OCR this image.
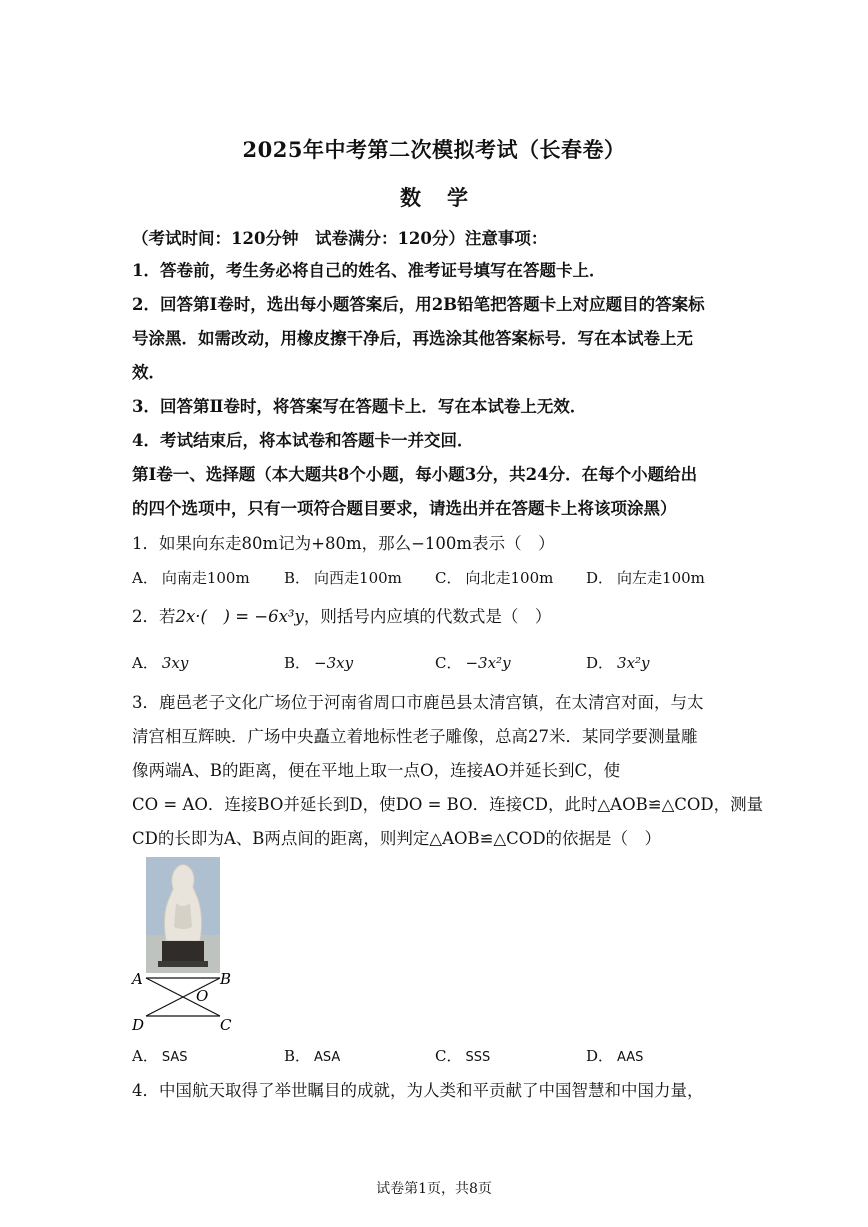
2025年中考第二次模拟考试（长春卷）
数学
（考试时间：120分钟　试卷满分：120分）注意事项：
1．答卷前，考生务必将自己的姓名、准考证号填写在答题卡上．
2．回答第Ⅰ卷时，选出每小题答案后，用2B铅笔把答题卡上对应题目的答案标
号涂黑．如需改动，用橡皮擦干净后，再选涂其他答案标号．写在本试卷上无
效．
3．回答第Ⅱ卷时，将答案写在答题卡上．写在本试卷上无效．
4．考试结束后，将本试卷和答题卡一并交回．
第Ⅰ卷一、选择题（本大题共8个小题，每小题3分，共24分．在每个小题给出
的四个选项中，只有一项符合题目要求，请选出并在答题卡上将该项涂黑）
1．如果向东走80m记为+80m，那么−100m表示（　）
A． 向南走100m B． 向西走100m C． 向北走100m D． 向左走100m
2．若2x·(　) = −6x³y，则括号内应填的代数式是（　）
A． 3xy	B． −3xy	C． −3x²y	D． 3x²y
3．鹿邑老子文化广场位于河南省周口市鹿邑县太清宫镇，在太清宫对面，与太
清宫相互辉映．广场中央矗立着地标性老子雕像，总高27米．某同学要测量雕
像两端A、B的距离，便在平地上取一点O，连接AO并延长到C，使
CO = AO．连接BO并延长到D，使DO = BO．连接CD，此时△AOB≌△COD，测量
CD的长即为A、B两点间的距离，则判定△AOB≌△COD的依据是（　）
A	B
O
D	C
A． SAS	B． ASA	C． SSS	D． AAS
4．中国航天取得了举世瞩目的成就，为人类和平贡献了中国智慧和中国力量，
试卷第1页，共8页
